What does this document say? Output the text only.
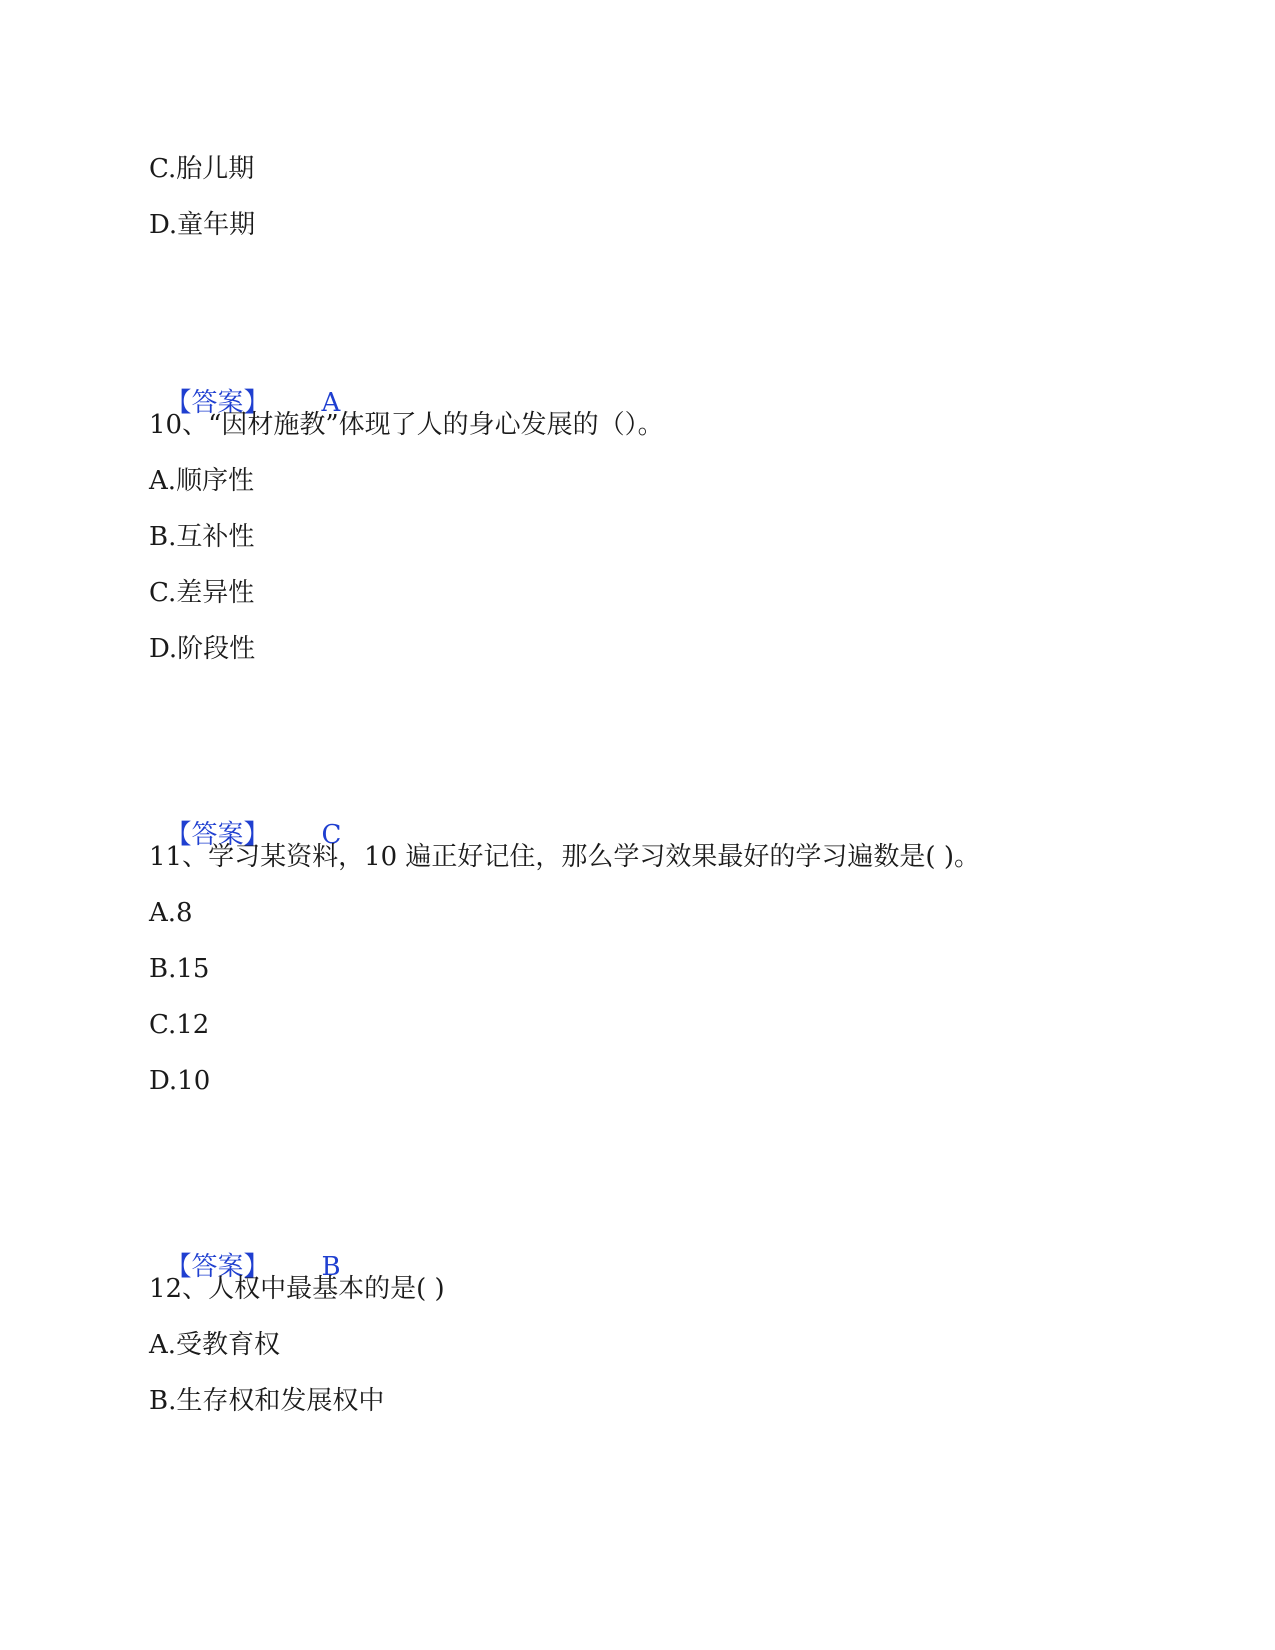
C.胎儿期
D.童年期

【答案】 A

10、“因材施教”体现了人的身心发展的（）。
A.顺序性
B.互补性
C.差异性
D.阶段性

【答案】 C

11、学习某资料，10 遍正好记住，那么学习效果最好的学习遍数是( )。
A.8
B.15
C.12
D.10

【答案】 B

12、人权中最基本的是( )
A.受教育权
B.生存权和发展权中
